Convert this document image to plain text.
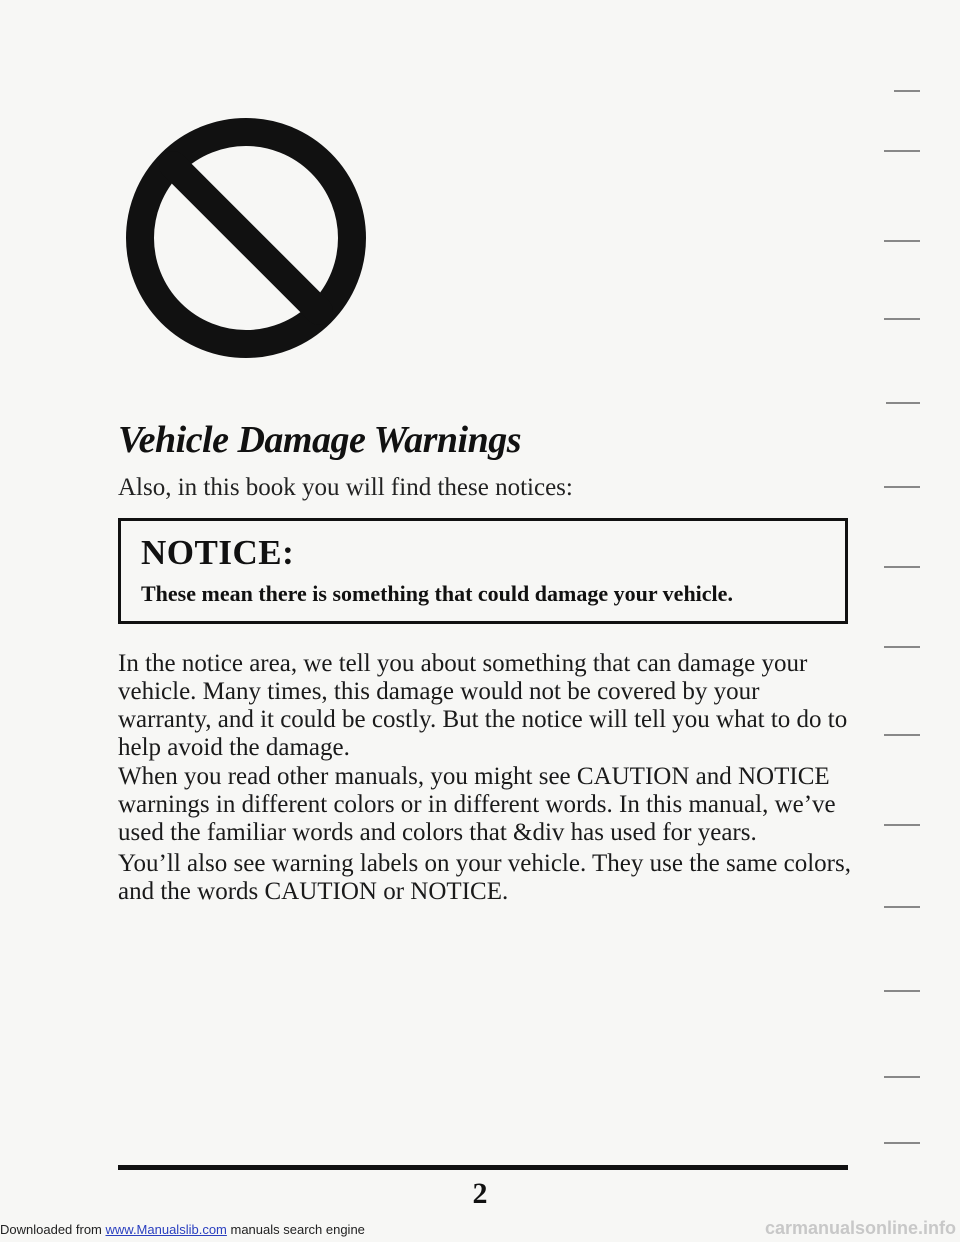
Vehicle Damage Warnings

Also, in this book you will find these notices:

NOTICE:

These mean there is something that could damage your vehicle.

In the notice area, we tell you about something that can damage your vehicle. Many times, this damage would not be covered by your warranty, and it could be costly. But the notice will tell you what to do to help avoid the damage.

When you read other manuals, you might see CAUTION and NOTICE warnings in different colors or in different words. In this manual, we’ve used the familiar words and colors that &div has used for years.

You’ll also see warning labels on your vehicle. They use the same colors, and the words CAUTION or NOTICE.

2
Downloaded from www.Manualslib.com manuals search engine	carmanualsonline.info
